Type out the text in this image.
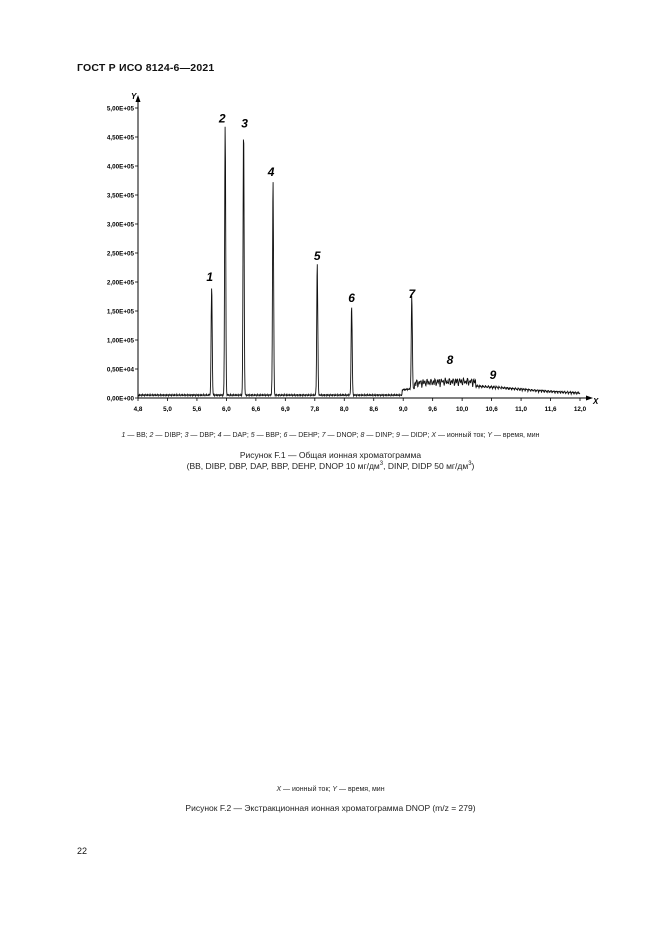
ГОСТ Р ИСО 8124-6—2021
Y
X
0,00E+00
0,50E+04
1,00E+05
1,50E+05
2,00E+05
2,50E+05
3,00E+05
3,50E+05
4,00E+05
4,50E+05
5,00E+05
4,8	5,0	5,6	6,0	6,6	6,9	7,8	8,0	8,6	9,0	9,6	10,0	10,6	11,0	11,6	12,0
1
2 3
4
5
6	7
8
9
1 — BB; 2 — DIBP; 3 — DBP; 4 — DAP; 5 — BBP; 6 — DEHP; 7 — DNOP; 8 — DINP; 9 — DIDP; X — ионный ток; Y — время, мин
Рисунок F.1 — Общая ионная хроматограмма
(BB, DIBP, DBP, DAP, BBP, DEHP, DNOP 10 $мг/дм^3$, DINP, DIDP 50 $мг/дм^3$)
X — ионный ток; Y — время, мин
Рисунок F.2 — Экстракционная ионная хроматограмма DNOP (m/z = 279)
22
